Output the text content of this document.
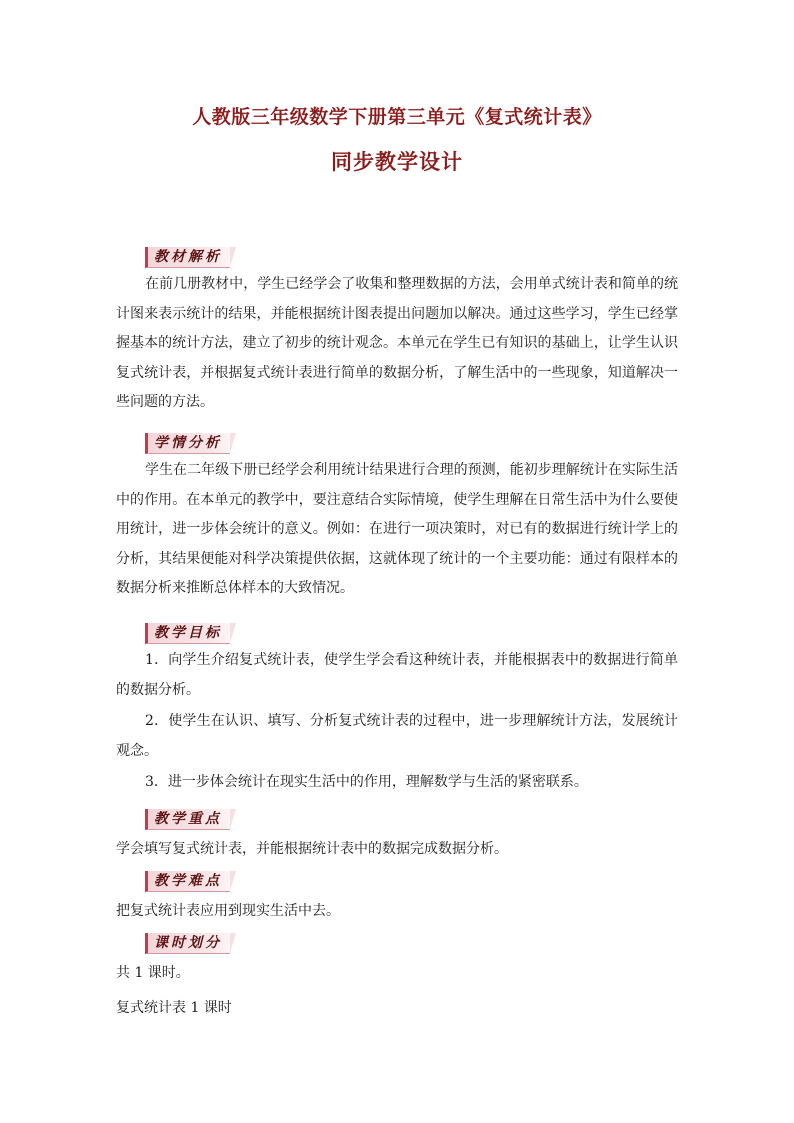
人教版三年级数学下册第三单元《复式统计表》
同步教学设计
教材解析

在前几册教材中，学生已经学会了收集和整理数据的方法，会用单式统计表和简单的统计图来表示统计的结果，并能根据统计图表提出问题加以解决。通过这些学习，学生已经掌握基本的统计方法，建立了初步的统计观念。本单元在学生已有知识的基础上，让学生认识复式统计表，并根据复式统计表进行简单的数据分析，了解生活中的一些现象，知道解决一些问题的方法。

学情分析

学生在二年级下册已经学会利用统计结果进行合理的预测，能初步理解统计在实际生活中的作用。在本单元的教学中，要注意结合实际情境，使学生理解在日常生活中为什么要使用统计，进一步体会统计的意义。例如：在进行一项决策时，对已有的数据进行统计学上的分析，其结果便能对科学决策提供依据，这就体现了统计的一个主要功能：通过有限样本的数据分析来推断总体样本的大致情况。

教学目标

1．向学生介绍复式统计表，使学生学会看这种统计表，并能根据表中的数据进行简单的数据分析。

2．使学生在认识、填写、分析复式统计表的过程中，进一步理解统计方法，发展统计观念。

3．进一步体会统计在现实生活中的作用，理解数学与生活的紧密联系。

教学重点

学会填写复式统计表，并能根据统计表中的数据完成数据分析。

教学难点

把复式统计表应用到现实生活中去。

课时划分

共 1 课时。

复式统计表 1 课时
